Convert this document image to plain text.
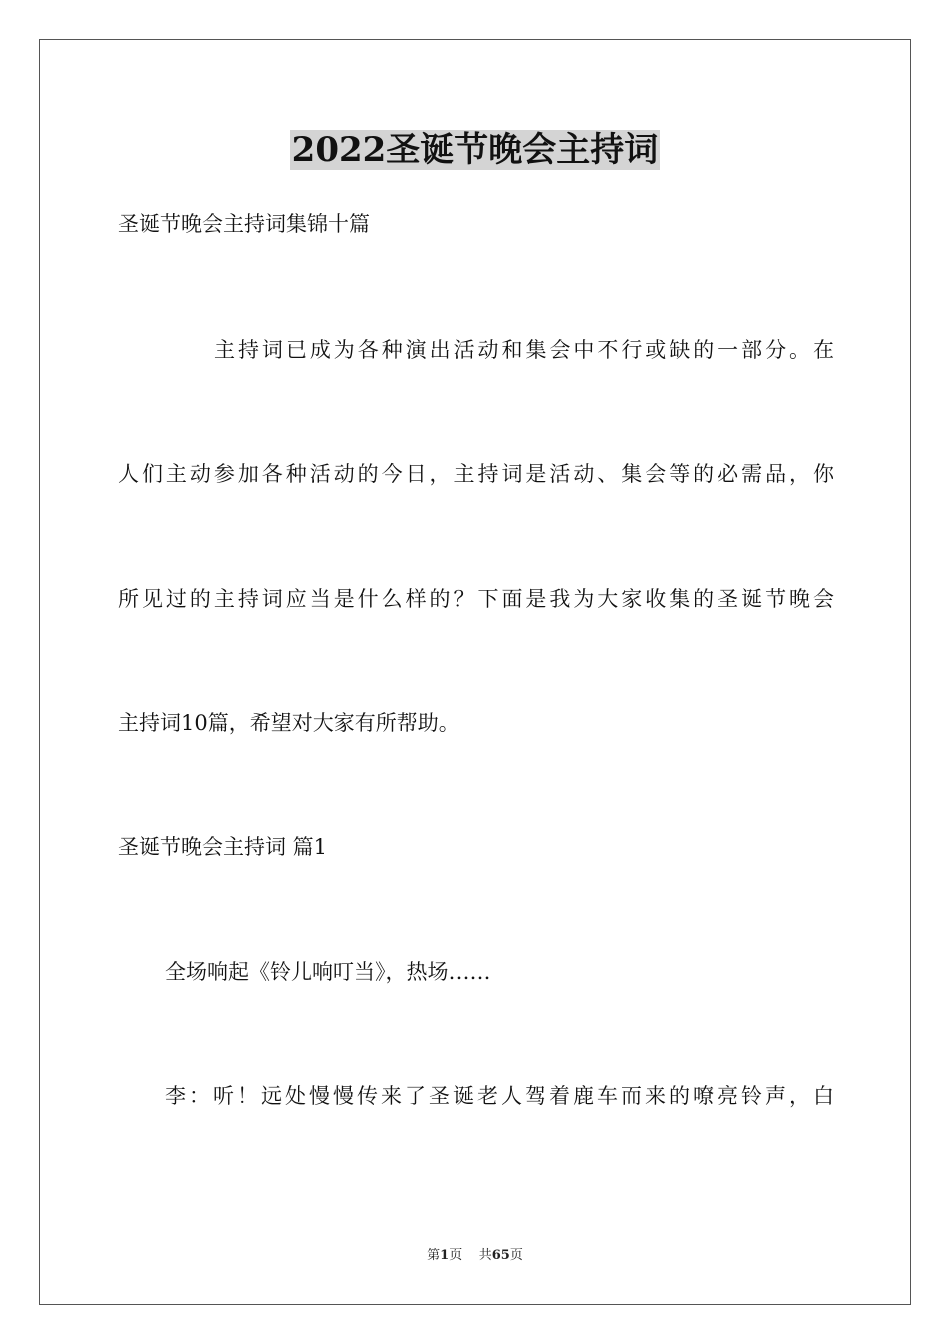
2022圣诞节晚会主持词
圣诞节晚会主持词集锦十篇
主持词已成为各种演出活动和集会中不行或缺的一部分。在
人们主动参加各种活动的今日，主持词是活动、集会等的必需品，你
所见过的主持词应当是什么样的？下面是我为大家收集的圣诞节晚会
主持词10篇，希望对大家有所帮助。
圣诞节晚会主持词 篇1
全场响起《铃儿响叮当》，热场……
李：听！远处慢慢传来了圣诞老人驾着鹿车而来的嘹亮铃声，白
第1页 共65页
